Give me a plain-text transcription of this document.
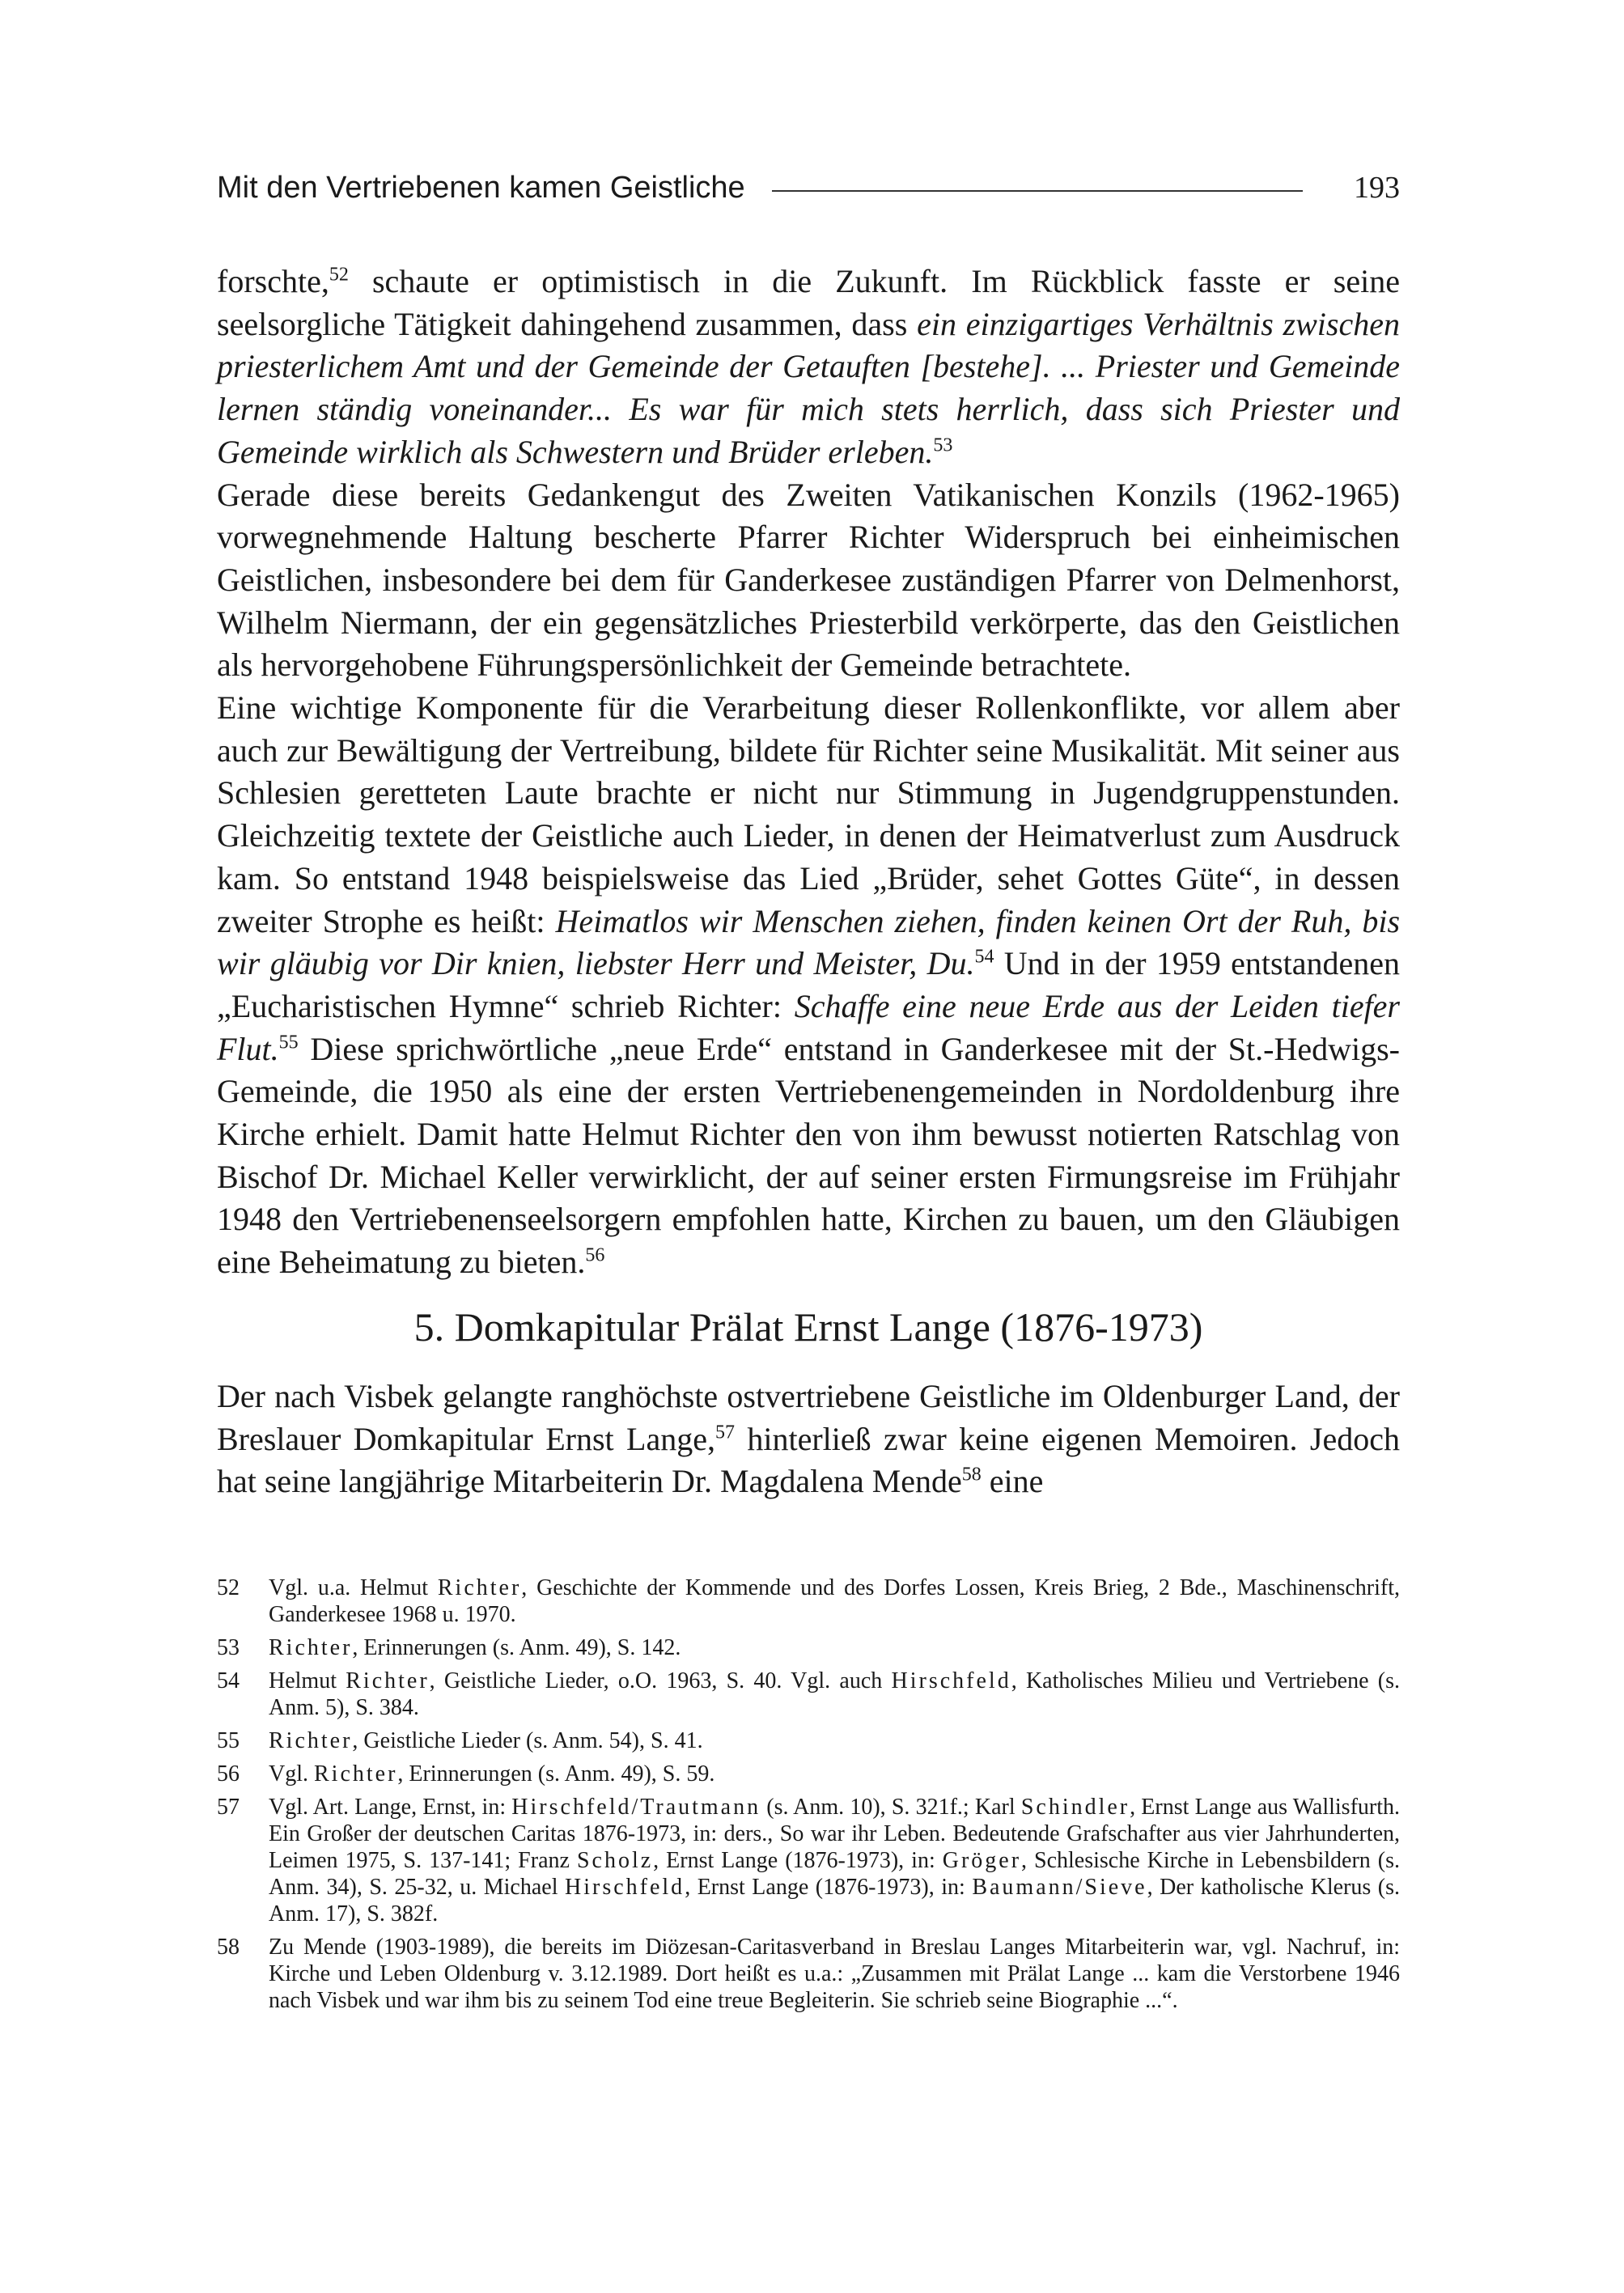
Mit den Vertriebenen kamen Geistliche	193

forschte,$^{52}$ schaute er optimistisch in die Zukunft. Im Rückblick fasste er seine seelsorgliche Tätigkeit dahingehend zusammen, dass ein einzigartiges Verhältnis zwischen priesterlichem Amt und der Gemeinde der Getauften [bestehe]. ... Priester und Gemeinde lernen ständig voneinander... Es war für mich stets herrlich, dass sich Priester und Gemeinde wirklich als Schwestern und Brüder erleben.$^{53}$

Gerade diese bereits Gedankengut des Zweiten Vatikanischen Konzils (1962-1965) vorwegnehmende Haltung bescherte Pfarrer Richter Widerspruch bei einheimischen Geistlichen, insbesondere bei dem für Ganderkesee zuständigen Pfarrer von Delmenhorst, Wilhelm Niermann, der ein gegensätzliches Priesterbild verkörperte, das den Geistlichen als hervorgehobene Führungspersönlichkeit der Gemeinde betrachtete.

Eine wichtige Komponente für die Verarbeitung dieser Rollenkonflikte, vor allem aber auch zur Bewältigung der Vertreibung, bildete für Richter seine Musikalität. Mit seiner aus Schlesien geretteten Laute brachte er nicht nur Stimmung in Jugendgruppenstunden. Gleichzeitig textete der Geistliche auch Lieder, in denen der Heimatverlust zum Ausdruck kam. So entstand 1948 beispielsweise das Lied „Brüder, sehet Gottes Güte“, in dessen zweiter Strophe es heißt: Heimatlos wir Menschen ziehen, finden keinen Ort der Ruh, bis wir gläubig vor Dir knien, liebster Herr und Meister, Du.$^{54}$ Und in der 1959 entstandenen „Eucharistischen Hymne“ schrieb Richter: Schaffe eine neue Erde aus der Leiden tiefer Flut.$^{55}$ Diese sprichwörtliche „neue Erde“ entstand in Ganderkesee mit der St.-Hedwigs-Gemeinde, die 1950 als eine der ersten Vertriebenengemeinden in Nordoldenburg ihre Kirche erhielt. Damit hatte Helmut Richter den von ihm bewusst notierten Ratschlag von Bischof Dr. Michael Keller verwirklicht, der auf seiner ersten Firmungsreise im Frühjahr 1948 den Vertriebenenseelsorgern empfohlen hatte, Kirchen zu bauen, um den Gläubigen eine Beheimatung zu bieten.$^{56}$

5. Domkapitular Prälat Ernst Lange (1876-1973)

Der nach Visbek gelangte ranghöchste ostvertriebene Geistliche im Oldenburger Land, der Breslauer Domkapitular Ernst Lange,$^{57}$ hinterließ zwar keine eigenen Memoiren. Jedoch hat seine langjährige Mitarbeiterin Dr. Magdalena Mende$^{58}$ eine

52	Vgl. u.a. Helmut Richter, Geschichte der Kommende und des Dorfes Lossen, Kreis Brieg, 2 Bde., Maschinenschrift, Ganderkesee 1968 u. 1970.
53	Richter, Erinnerungen (s. Anm. 49), S. 142.
54	Helmut Richter, Geistliche Lieder, o.O. 1963, S. 40. Vgl. auch Hirschfeld, Katholisches Milieu und Vertriebene (s. Anm. 5), S. 384.
55	Richter, Geistliche Lieder (s. Anm. 54), S. 41.
56	Vgl. Richter, Erinnerungen (s. Anm. 49), S. 59.
57	Vgl. Art. Lange, Ernst, in: Hirschfeld/Trautmann (s. Anm. 10), S. 321f.; Karl Schindler, Ernst Lange aus Wallisfurth. Ein Großer der deutschen Caritas 1876-1973, in: ders., So war ihr Leben. Bedeutende Grafschafter aus vier Jahrhunderten, Leimen 1975, S. 137-141; Franz Scholz, Ernst Lange (1876-1973), in: Gröger, Schlesische Kirche in Lebensbildern (s. Anm. 34), S. 25-32, u. Michael Hirschfeld, Ernst Lange (1876-1973), in: Baumann/Sieve, Der katholische Klerus (s. Anm. 17), S. 382f.
58	Zu Mende (1903-1989), die bereits im Diözesan-Caritasverband in Breslau Langes Mitarbeiterin war, vgl. Nachruf, in: Kirche und Leben Oldenburg v. 3.12.1989. Dort heißt es u.a.: „Zusammen mit Prälat Lange ... kam die Verstorbene 1946 nach Visbek und war ihm bis zu seinem Tod eine treue Begleiterin. Sie schrieb seine Biographie ...“.
